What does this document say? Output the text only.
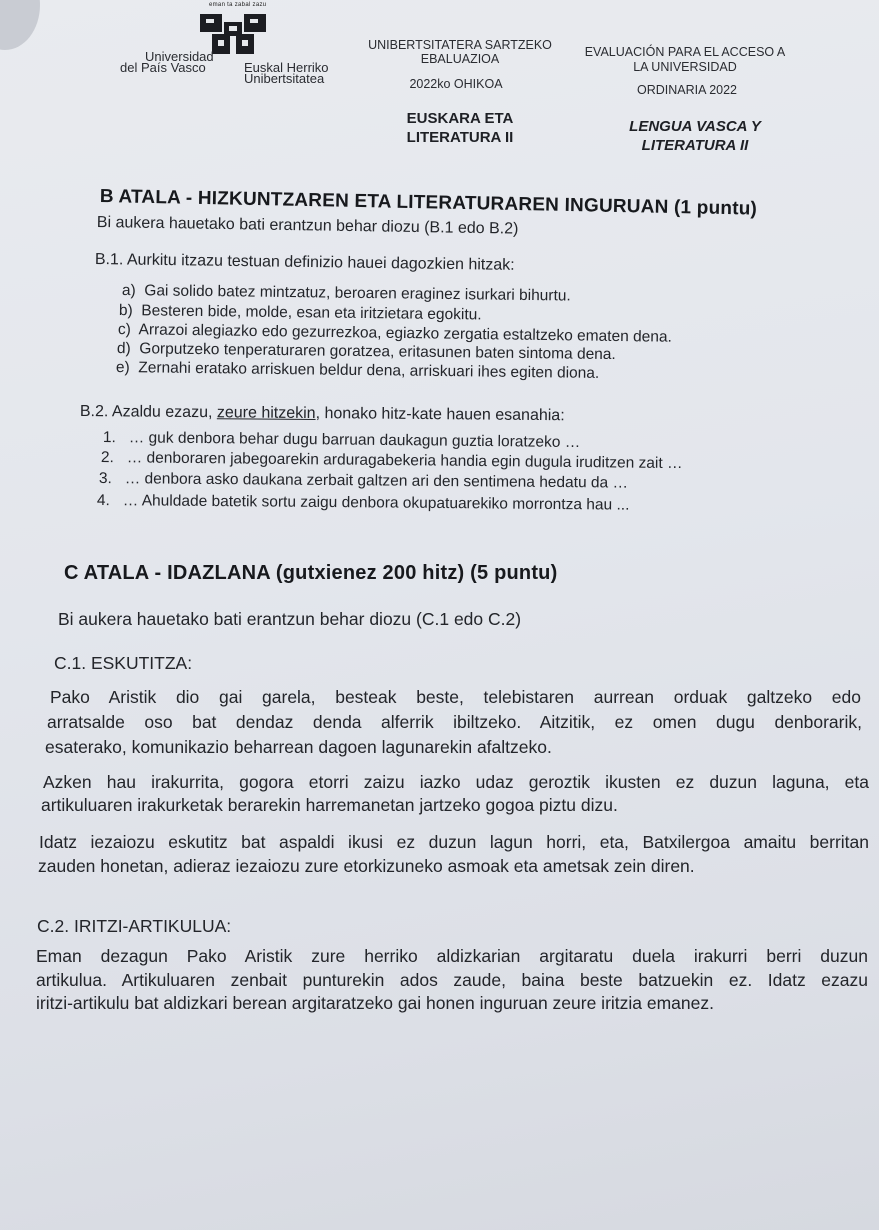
eman ta zabal zazu
Universidad
del País Vasco	Euskal Herriko
Unibertsitatea
UNIBERTSITATERA SARTZEKO
EBALUAZIOA
2022ko OHIKOA
EVALUACIÓN PARA EL ACCESO A
LA UNIVERSIDAD
ORDINARIA 2022
EUSKARA ETA
LITERATURA II
LENGUA VASCA Y
LITERATURA II
B ATALA - HIZKUNTZAREN ETA LITERATURAREN INGURUAN (1 puntu)
Bi aukera hauetako bati erantzun behar diozu (B.1 edo B.2)
B.1. Aurkitu itzazu testuan definizio hauei dagozkien hitzak:
a) Gai solido batez mintzatuz, beroaren eraginez isurkari bihurtu.
b) Besteren bide, molde, esan eta iritzietara egokitu.
c) Arrazoi alegiazko edo gezurrezkoa, egiazko zergatia estaltzeko ematen dena.
d) Gorputzeko tenperaturaren goratzea, eritasunen baten sintoma dena.
e) Zernahi eratako arriskuen beldur dena, arriskuari ihes egiten diona.
B.2. Azaldu ezazu, zeure hitzekin, honako hitz-kate hauen esanahia:
1. … guk denbora behar dugu barruan daukagun guztia loratzeko …
2. … denboraren jabegoarekin arduragabekeria handia egin dugula iruditzen zait …
3. … denbora asko daukana zerbait galtzen ari den sentimena hedatu da …
4. … Ahuldade batetik sortu zaigu denbora okupatuarekiko morrontza hau ...
C ATALA - IDAZLANA (gutxienez 200 hitz) (5 puntu)
Bi aukera hauetako bati erantzun behar diozu (C.1 edo C.2)
C.1. ESKUTITZA:
Pako Aristik dio gai garela, besteak beste, telebistaren aurrean orduak galtzeko edo
arratsalde oso bat dendaz denda alferrik ibiltzeko. Aitzitik, ez omen dugu denborarik,
esaterako, komunikazio beharrean dagoen lagunarekin afaltzeko.
Azken hau irakurrita, gogora etorri zaizu iazko udaz geroztik ikusten ez duzun laguna, eta
artikuluaren irakurketak berarekin harremanetan jartzeko gogoa piztu dizu.
Idatz iezaiozu eskutitz bat aspaldi ikusi ez duzun lagun horri, eta, Batxilergoa amaitu berritan
zauden honetan, adieraz iezaiozu zure etorkizuneko asmoak eta ametsak zein diren.
C.2. IRITZI-ARTIKULUA:
Eman dezagun Pako Aristik zure herriko aldizkarian argitaratu duela irakurri berri duzun
artikulua. Artikuluaren zenbait punturekin ados zaude, baina beste batzuekin ez. Idatz ezazu
iritzi-artikulu bat aldizkari berean argitaratzeko gai honen inguruan zeure iritzia emanez.
